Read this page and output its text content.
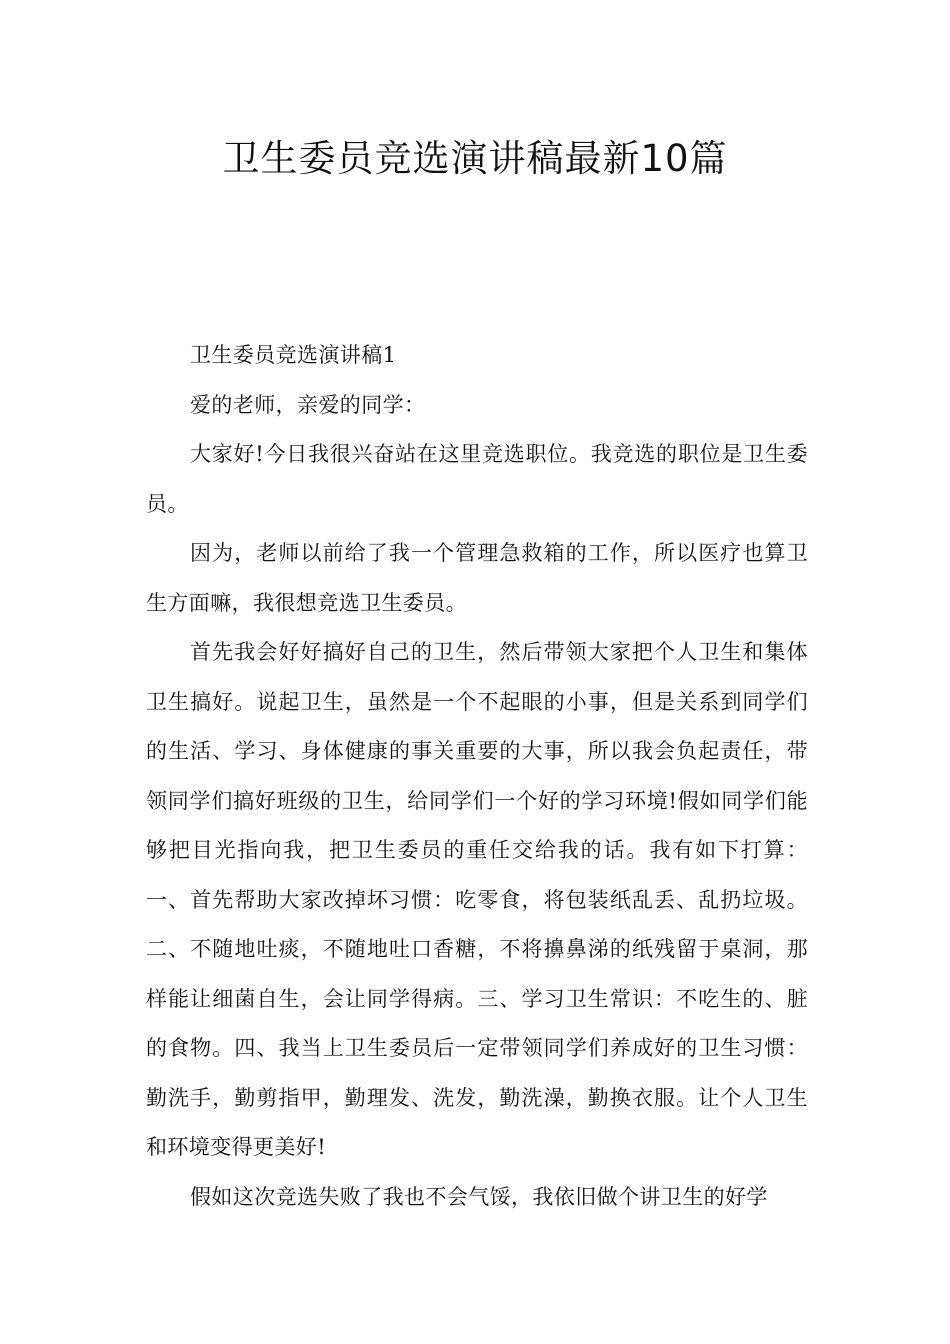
卫生委员竞选演讲稿最新10篇

卫生委员竞选演讲稿1

爱的老师，亲爱的同学：

大家好!今日我很兴奋站在这里竞选职位。我竞选的职位是卫生委员。

因为，老师以前给了我一个管理急救箱的工作，所以医疗也算卫生方面嘛，我很想竞选卫生委员。

首先我会好好搞好自己的卫生，然后带领大家把个人卫生和集体卫生搞好。说起卫生，虽然是一个不起眼的小事，但是关系到同学们的生活、学习、身体健康的事关重要的大事，所以我会负起责任，带领同学们搞好班级的卫生，给同学们一个好的学习环境!假如同学们能够把目光指向我，把卫生委员的重任交给我的话。我有如下打算：一、首先帮助大家改掉坏习惯：吃零食，将包装纸乱丢、乱扔垃圾。二、不随地吐痰，不随地吐口香糖，不将擤鼻涕的纸残留于桌洞，那样能让细菌自生，会让同学得病。三、学习卫生常识：不吃生的、脏的食物。四、我当上卫生委员后一定带领同学们养成好的卫生习惯：勤洗手，勤剪指甲，勤理发、洗发，勤洗澡，勤换衣服。让个人卫生和环境变得更美好!

假如这次竞选失败了我也不会气馁，我依旧做个讲卫生的好学
